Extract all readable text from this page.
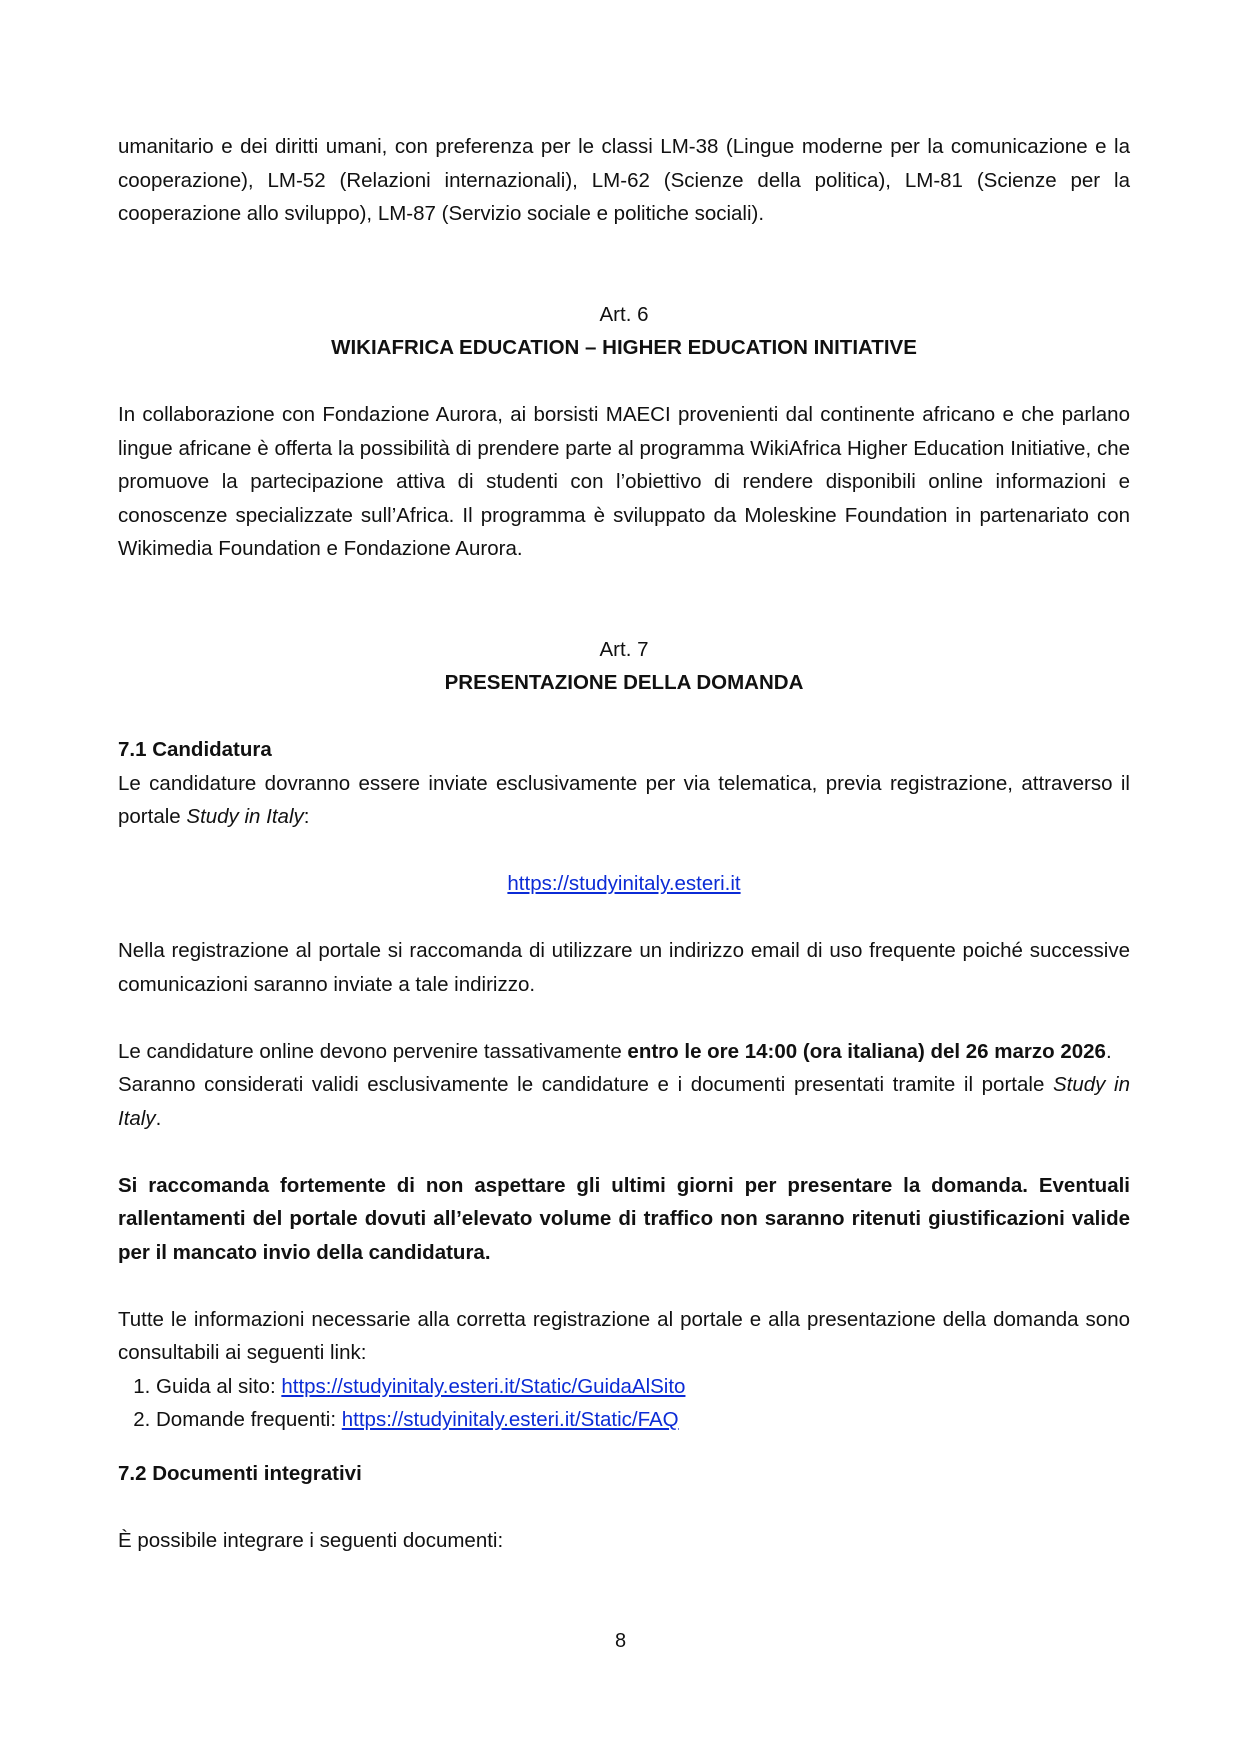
umanitario e dei diritti umani, con preferenza per le classi LM-38 (Lingue moderne per la comunicazione e la cooperazione), LM-52 (Relazioni internazionali), LM-62 (Scienze della politica), LM-81 (Scienze per la cooperazione allo sviluppo), LM-87 (Servizio sociale e politiche sociali).

Art. 6

WIKIAFRICA EDUCATION – HIGHER EDUCATION INITIATIVE

In collaborazione con Fondazione Aurora, ai borsisti MAECI provenienti dal continente africano e che parlano lingue africane è offerta la possibilità di prendere parte al programma WikiAfrica Higher Education Initiative, che promuove la partecipazione attiva di studenti con l’obiettivo di rendere disponibili online informazioni e conoscenze specializzate sull’Africa. Il programma è sviluppato da Moleskine Foundation in partenariato con Wikimedia Foundation e Fondazione Aurora.

Art. 7

PRESENTAZIONE DELLA DOMANDA

7.1 Candidatura

Le candidature dovranno essere inviate esclusivamente per via telematica, previa registrazione, attraverso il portale Study in Italy:

https://studyinitaly.esteri.it

Nella registrazione al portale si raccomanda di utilizzare un indirizzo email di uso frequente poiché successive comunicazioni saranno inviate a tale indirizzo.

Le candidature online devono pervenire tassativamente entro le ore 14:00 (ora italiana) del 26 marzo 2026.

Saranno considerati validi esclusivamente le candidature e i documenti presentati tramite il portale Study in Italy.

Si raccomanda fortemente di non aspettare gli ultimi giorni per presentare la domanda. Eventuali rallentamenti del portale dovuti all’elevato volume di traffico non saranno ritenuti giustificazioni valide per il mancato invio della candidatura.

Tutte le informazioni necessarie alla corretta registrazione al portale e alla presentazione della domanda sono consultabili ai seguenti link:

1. Guida al sito: https://studyinitaly.esteri.it/Static/GuidaAlSito
2. Domande frequenti: https://studyinitaly.esteri.it/Static/FAQ

7.2 Documenti integrativi

È possibile integrare i seguenti documenti:

8
